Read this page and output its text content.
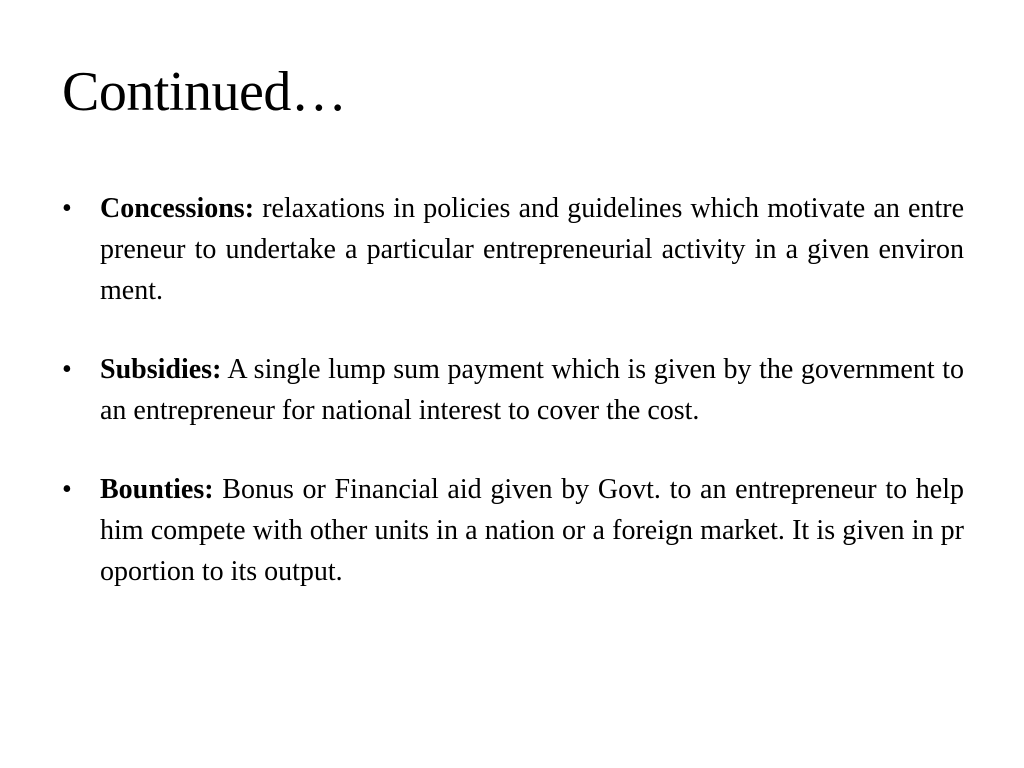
Continued…
• Concessions: relaxations in policies and guidelines which motivate an entrepreneur to undertake a particular entrepreneurial activity in a given environment.
• Subsidies: A single lump sum payment which is given by the government to an entrepreneur for national interest to cover the cost.
• Bounties: Bonus or Financial aid given by Govt. to an entrepreneur to help him compete with other units in a nation or a foreign market. It is given in proportion to its output.
